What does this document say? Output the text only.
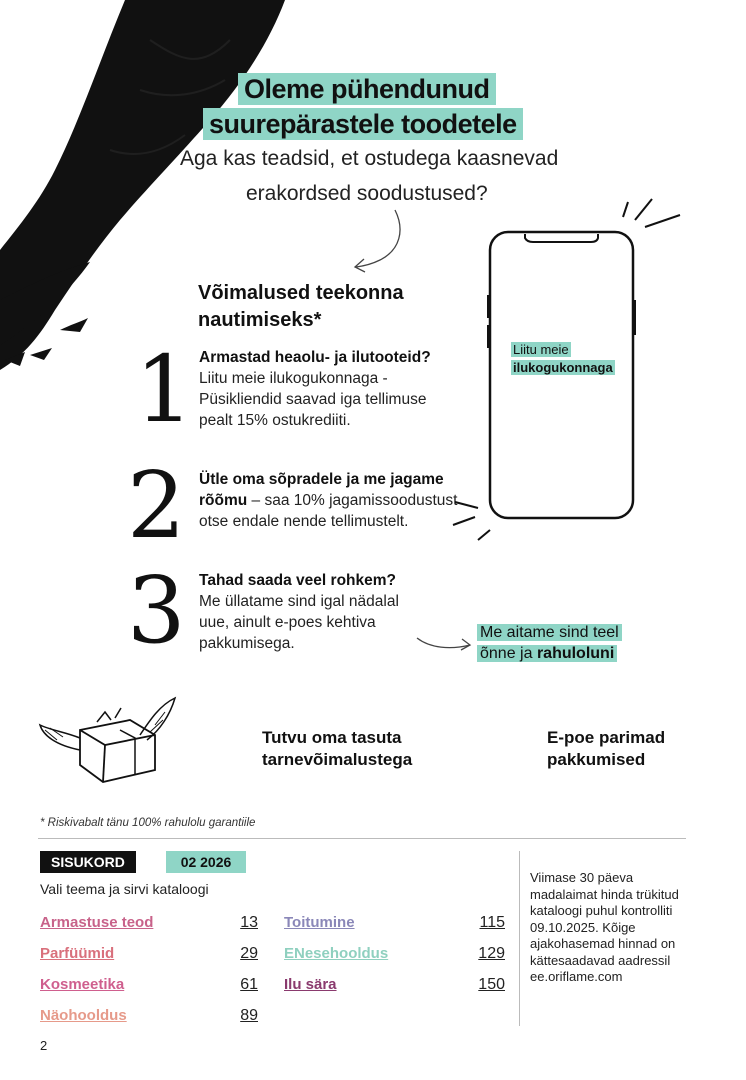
Oleme pühendunud
suurepärastele toodetele
Aga kas teadsid, et ostudega kaasnevad
erakordsed soodustused?
Võimalused teekonna
nautimiseks*
1 Armastad heaolu- ja ilutooteid?
Liitu meie ilukogukonnaga - Püsikliendid saavad iga tellimuse pealt 15% ostukrediiti.
2 Ütle oma sõpradele ja me jagame rõõmu – saa 10% jagamissoodustust otse endale nende tellimustelt.
3 Tahad saada veel rohkem?
Me üllatame sind igal nädalal uue, ainult e-poes kehtiva pakkumisega.
Liitu meie
ilukogukonnaga
Me aitame sind teel
õnne ja rahuloluni
Tutvu oma tasuta
tarnevõimalustega
E-poe parimad
pakkumised
* Riskivabalt tänu 100% rahulolu garantiile
SISUKORD	02 2026
Vali teema ja sirvi kataloogi
Armastuse teod	13
Parfüümid	29
Kosmeetika	61
Näohooldus	89
Toitumine	115
ENesehooldus	129
Ilu sära	150
Viimase 30 päeva madalaimat hinda trükitud kataloogi puhul kontrolliti 09.10.2025. Kõige ajakohasemad hinnad on kättesaadavad aadressil ee.oriflame.com
2
